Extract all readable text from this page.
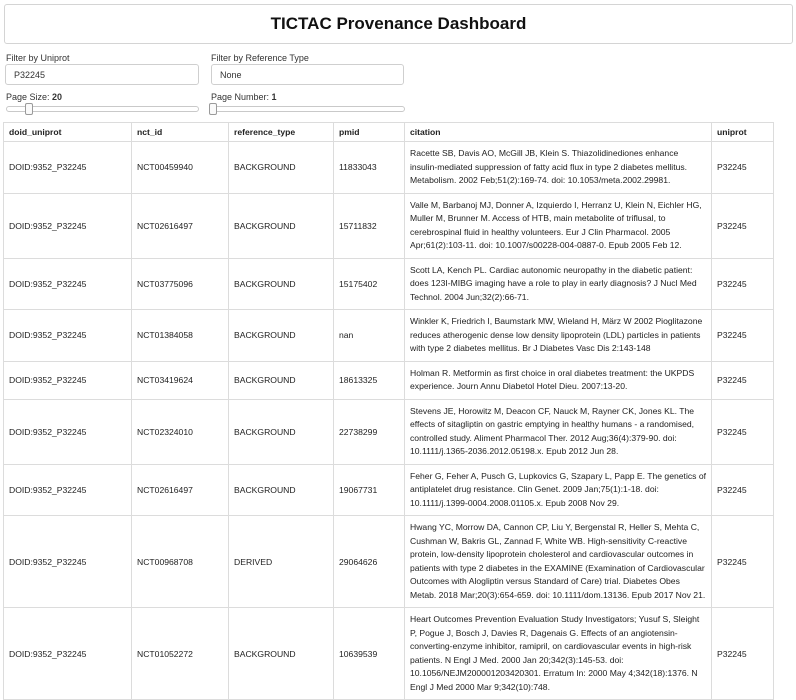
TICTAC Provenance Dashboard
Filter by Uniprot
P32245	Filter by Reference Type
None
Page Size: 20	Page Number: 1
doid_uniprot	nct_id	reference_type	pmid	citation	uniprot
DOID:9352_P32245	NCT00459940	BACKGROUND	11833043	Racette SB, Davis AO, McGill JB, Klein S. Thiazolidinediones enhance insulin-mediated suppression of fatty acid flux in type 2 diabetes mellitus. Metabolism. 2002 Feb;51(2):169-74. doi: 10.1053/meta.2002.29981.	P32245
DOID:9352_P32245	NCT02616497	BACKGROUND	15711832	Valle M, Barbanoj MJ, Donner A, Izquierdo I, Herranz U, Klein N, Eichler HG, Muller M, Brunner M. Access of HTB, main metabolite of triflusal, to cerebrospinal fluid in healthy volunteers. Eur J Clin Pharmacol. 2005 Apr;61(2):103-11. doi: 10.1007/s00228-004-0887-0. Epub 2005 Feb 12.	P32245
DOID:9352_P32245	NCT03775096	BACKGROUND	15175402	Scott LA, Kench PL. Cardiac autonomic neuropathy in the diabetic patient: does 123I-MIBG imaging have a role to play in early diagnosis? J Nucl Med Technol. 2004 Jun;32(2):66-71.	P32245
DOID:9352_P32245	NCT01384058	BACKGROUND	nan	Winkler K, Friedrich I, Baumstark MW, Wieland H, März W 2002 Pioglitazone reduces atherogenic dense low density lipoprotein (LDL) particles in patients with type 2 diabetes mellitus. Br J Diabetes Vasc Dis 2:143-148	P32245
DOID:9352_P32245	NCT03419624	BACKGROUND	18613325	Holman R. Metformin as first choice in oral diabetes treatment: the UKPDS experience. Journ Annu Diabetol Hotel Dieu. 2007:13-20.	P32245
DOID:9352_P32245	NCT02324010	BACKGROUND	22738299	Stevens JE, Horowitz M, Deacon CF, Nauck M, Rayner CK, Jones KL. The effects of sitagliptin on gastric emptying in healthy humans - a randomised, controlled study. Aliment Pharmacol Ther. 2012 Aug;36(4):379-90. doi: 10.1111/j.1365-2036.2012.05198.x. Epub 2012 Jun 28.	P32245
DOID:9352_P32245	NCT02616497	BACKGROUND	19067731	Feher G, Feher A, Pusch G, Lupkovics G, Szapary L, Papp E. The genetics of antiplatelet drug resistance. Clin Genet. 2009 Jan;75(1):1-18. doi: 10.1111/j.1399-0004.2008.01105.x. Epub 2008 Nov 29.	P32245
DOID:9352_P32245	NCT00968708	DERIVED	29064626	Hwang YC, Morrow DA, Cannon CP, Liu Y, Bergenstal R, Heller S, Mehta C, Cushman W, Bakris GL, Zannad F, White WB. High-sensitivity C-reactive protein, low-density lipoprotein cholesterol and cardiovascular outcomes in patients with type 2 diabetes in the EXAMINE (Examination of Cardiovascular Outcomes with Alogliptin versus Standard of Care) trial. Diabetes Obes Metab. 2018 Mar;20(3):654-659. doi: 10.1111/dom.13136. Epub 2017 Nov 21.	P32245
DOID:9352_P32245	NCT01052272	BACKGROUND	10639539	Heart Outcomes Prevention Evaluation Study Investigators; Yusuf S, Sleight P, Pogue J, Bosch J, Davies R, Dagenais G. Effects of an angiotensin-converting-enzyme inhibitor, ramipril, on cardiovascular events in high-risk patients. N Engl J Med. 2000 Jan 20;342(3):145-53. doi: 10.1056/NEJM200001203420301. Erratum In: 2000 May 4;342(18):1376. N Engl J Med 2000 Mar 9;342(10):748.	P32245
